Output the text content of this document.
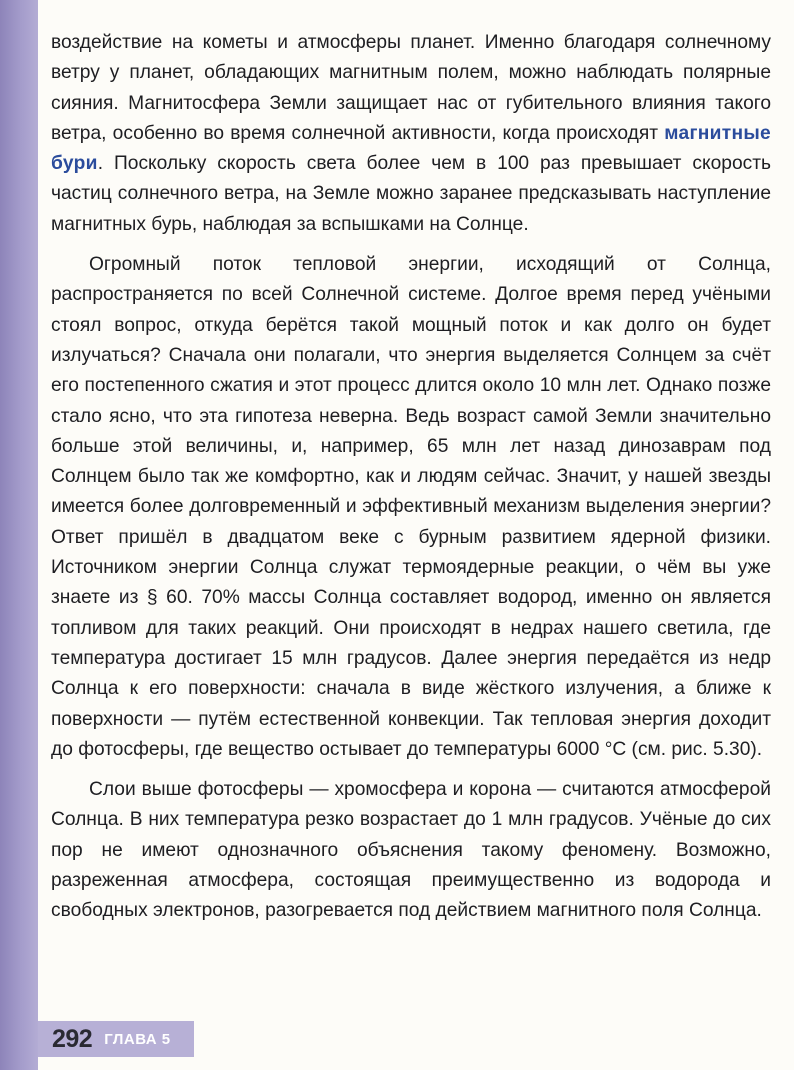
воздействие на кометы и атмосферы планет. Именно благодаря солнечному ветру у планет, обладающих магнитным полем, можно наблюдать полярные сияния. Магнитосфера Земли защищает нас от губительного влияния такого ветра, особенно во время солнечной активности, когда происходят магнитные бури. Поскольку скорость света более чем в 100 раз превышает скорость частиц солнечного ветра, на Земле можно заранее предсказывать наступление магнитных бурь, наблюдая за вспышками на Солнце.

Огромный поток тепловой энергии, исходящий от Солнца, распространяется по всей Солнечной системе. Долгое время перед учёными стоял вопрос, откуда берётся такой мощный поток и как долго он будет излучаться? Сначала они полагали, что энергия выделяется Солнцем за счёт его постепенного сжатия и этот процесс длится около 10 млн лет. Однако позже стало ясно, что эта гипотеза неверна. Ведь возраст самой Земли значительно больше этой величины, и, например, 65 млн лет назад динозаврам под Солнцем было так же комфортно, как и людям сейчас. Значит, у нашей звезды имеется более долговременный и эффективный механизм выделения энергии? Ответ пришёл в двадцатом веке с бурным развитием ядерной физики. Источником энергии Солнца служат термоядерные реакции, о чём вы уже знаете из § 60. 70% массы Солнца составляет водород, именно он является топливом для таких реакций. Они происходят в недрах нашего светила, где температура достигает 15 млн градусов. Далее энергия передаётся из недр Солнца к его поверхности: сначала в виде жёсткого излучения, а ближе к поверхности — путём естественной конвекции. Так тепловая энергия доходит до фотосферы, где вещество остывает до температуры 6000 °С (см. рис. 5.30).

Слои выше фотосферы — хромосфера и корона — считаются атмосферой Солнца. В них температура резко возрастает до 1 млн градусов. Учёные до сих пор не имеют однозначного объяснения такому феномену. Возможно, разреженная атмосфера, состоящая преимущественно из водорода и свободных электронов, разогревается под действием магнитного поля Солнца.

292 ГЛАВА 5
